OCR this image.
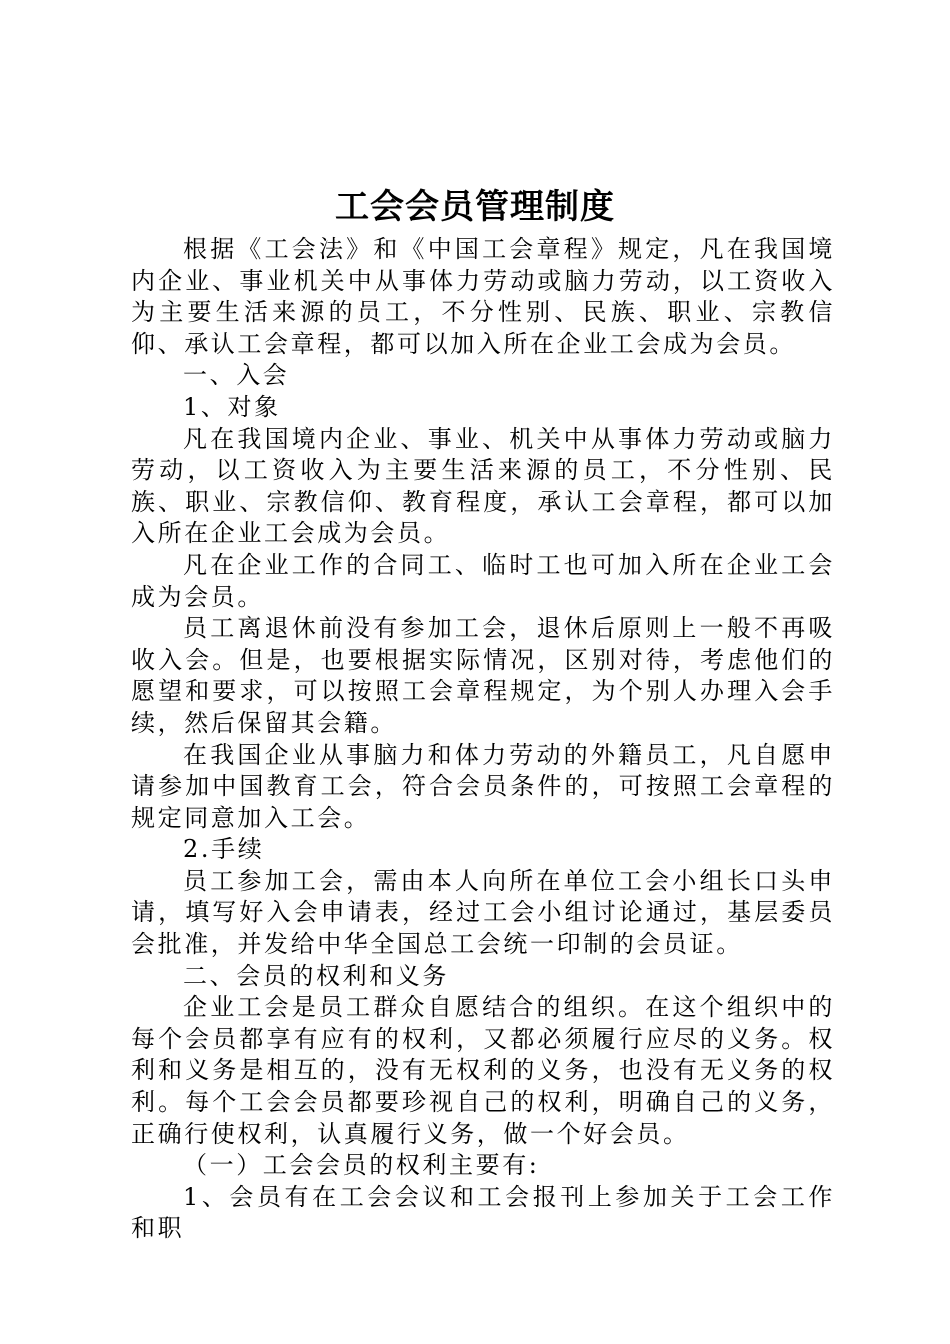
工会会员管理制度

根据《工会法》和《中国工会章程》规定，凡在我国境内企业、事业机关中从事体力劳动或脑力劳动，以工资收入为主要生活来源的员工，不分性别、民族、职业、宗教信仰、承认工会章程，都可以加入所在企业工会成为会员。

一、入会

1、对象

凡在我国境内企业、事业、机关中从事体力劳动或脑力劳动，以工资收入为主要生活来源的员工，不分性别、民族、职业、宗教信仰、教育程度，承认工会章程，都可以加入所在企业工会成为会员。

凡在企业工作的合同工、临时工也可加入所在企业工会成为会员。

员工离退休前没有参加工会，退休后原则上一般不再吸收入会。但是，也要根据实际情况，区别对待，考虑他们的愿望和要求，可以按照工会章程规定，为个别人办理入会手续，然后保留其会籍。

在我国企业从事脑力和体力劳动的外籍员工，凡自愿申请参加中国教育工会，符合会员条件的，可按照工会章程的规定同意加入工会。

2.手续

员工参加工会，需由本人向所在单位工会小组长口头申请，填写好入会申请表，经过工会小组讨论通过，基层委员会批准，并发给中华全国总工会统一印制的会员证。

二、会员的权利和义务

企业工会是员工群众自愿结合的组织。在这个组织中的每个会员都享有应有的权利，又都必须履行应尽的义务。权利和义务是相互的，没有无权利的义务，也没有无义务的权利。每个工会会员都要珍视自己的权利，明确自己的义务，正确行使权利，认真履行义务，做一个好会员。

（一）工会会员的权利主要有:

1、会员有在工会会议和工会报刊上参加关于工会工作和职
